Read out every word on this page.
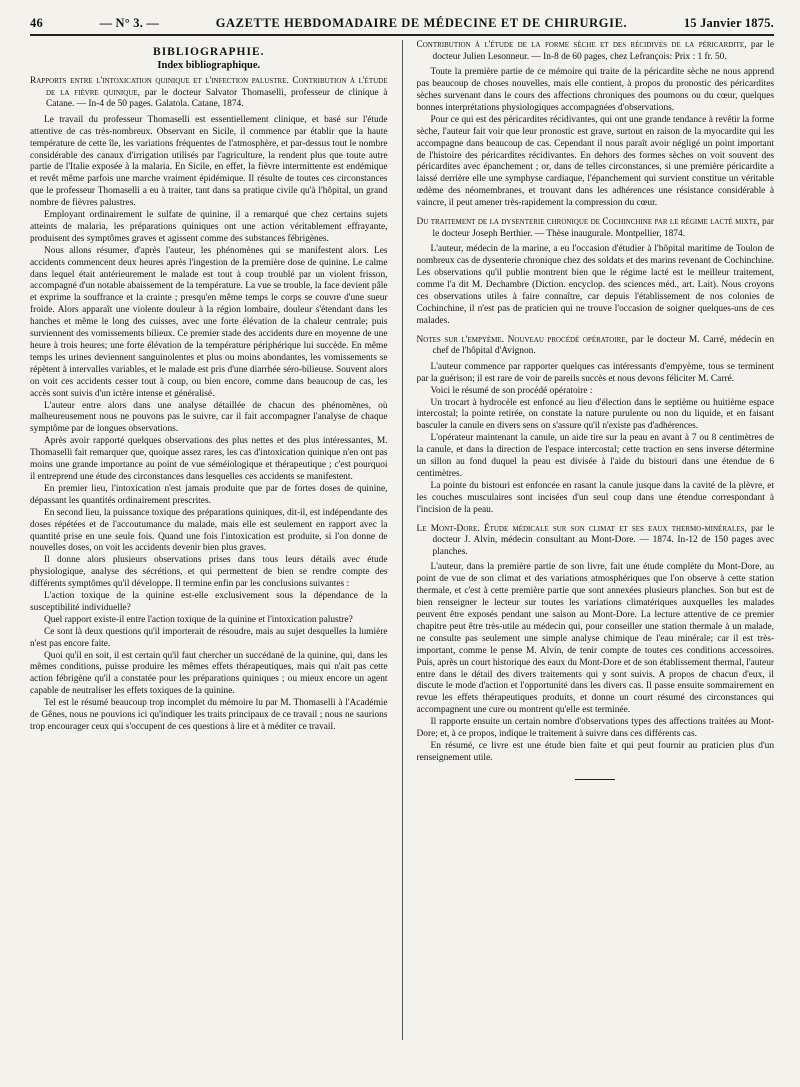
46	— N° 3. —	GAZETTE HEBDOMADAIRE DE MÉDECINE ET DE CHIRURGIE.	15 Janvier 1875.
BIBLIOGRAPHIE.
Index bibliographique.
Rapports entre l'intoxication quinique et l'infection palustre. Contribution à l'étude de la fièvre quinique, par le docteur Salvator Thomaselli, professeur de clinique à Catane. — In-4 de 50 pages. Galatola. Catane, 1874.

Le travail du professeur Thomaselli est essentiellement clinique, et basé sur l'étude attentive de cas très-nombreux. Observant en Sicile, il commence par établir que la haute température de cette île, les variations fréquentes de l'atmosphère, et par-dessus tout le nombre considérable des canaux d'irrigation utilisés par l'agriculture, la rendent plus que toute autre partie de l'Italie exposée à la malaria. En Sicile, en effet, la fièvre intermittente est endémique et revêt même parfois une marche vraiment épidémique. Il résulte de toutes ces circonstances que le professeur Thomaselli a eu à traiter, tant dans sa pratique civile qu'à l'hôpital, un grand nombre de fièvres palustres.

Employant ordinairement le sulfate de quinine, il a remarqué que chez certains sujets atteints de malaria, les préparations quiniques ont une action véritablement effrayante, produisent des symptômes graves et agissent comme des substances fébrigènes.

Nous allons résumer, d'après l'auteur, les phénomènes qui se manifestent alors. Les accidents commencent deux heures après l'ingestion de la première dose de quinine. Le calme dans lequel était antérieurement le malade est tout à coup troublé par un violent frisson, accompagné d'un notable abaissement de la température. La vue se trouble, la face devient pâle et exprime la souffrance et la crainte ; presqu'en même temps le corps se couvre d'une sueur froide. Alors apparaît une violente douleur à la région lombaire, douleur s'étendant dans les hanches et même le long des cuisses, avec une forte élévation de la chaleur centrale; puis surviennent des vomissements bilieux. Ce premier stade des accidents dure en moyenne de une heure à trois heures; une forte élévation de la température périphérique lui succède. En même temps les urines deviennent sanguinolentes et plus ou moins abondantes, les vomissements se répètent à intervalles variables, et le malade est pris d'une diarrhée séro-bilieuse. Souvent alors on voit ces accidents cesser tout à coup, ou bien encore, comme dans beaucoup de cas, les accès sont suivis d'un ictère intense et généralisé.

L'auteur entre alors dans une analyse détaillée de chacun des phénomènes, où malheureusement nous ne pouvons pas le suivre, car il fait accompagner l'analyse de chaque symptôme par de longues observations.

Après avoir rapporté quelques observations des plus nettes et des plus intéressantes, M. Thomaselli fait remarquer que, quoique assez rares, les cas d'intoxication quinique n'en ont pas moins une grande importance au point de vue séméiologique et thérapeutique ; c'est pourquoi il entreprend une étude des circonstances dans lesquelles ces accidents se manifestent.

En premier lieu, l'intoxication n'est jamais produite que par de fortes doses de quinine, dépassant les quantités ordinairement prescrites.

En second lieu, la puissance toxique des préparations quiniques, dit-il, est indépendante des doses répétées et de l'accoutumance du malade, mais elle est seulement en rapport avec la quantité prise en une seule fois. Quand une fois l'intoxication est produite, si l'on donne de nouvelles doses, on voit les accidents devenir bien plus graves.

Il donne alors plusieurs observations prises dans tous leurs détails avec étude physiologique, analyse des sécrétions, et qui permettent de bien se rendre compte des différents symptômes qu'il développe. Il termine enfin par les conclusions suivantes :

L'action toxique de la quinine est-elle exclusivement sous la dépendance de la susceptibilité individuelle?

Quel rapport existe-il entre l'action toxique de la quinine et l'intoxication palustre?

Ce sont là deux questions qu'il importerait de résoudre, mais au sujet desquelles la lumière n'est pas encore faite.

Quoi qu'il en soit, il est certain qu'il faut chercher un succédané de la quinine, qui, dans les mêmes conditions, puisse produire les mêmes effets thérapeutiques, mais qui n'ait pas cette action fébrigène qu'il a constatée pour les préparations quiniques ; ou mieux encore un agent capable de neutraliser les effets toxiques de la quinine.

Tel est le résumé beaucoup trop incomplet du mémoire lu par M. Thomaselli à l'Académie de Gênes, nous ne pouvions ici qu'indiquer les traits principaux de ce travail ; nous ne saurions trop encourager ceux qui s'occupent de ces questions à lire et à méditer ce travail.

Contribution à l'étude de la forme sèche et des récidives de la péricardite, par le docteur Julien Lesonneur. — In-8 de 60 pages, chez Lefrançois: Prix : 1 fr. 50.

Toute la première partie de ce mémoire qui traite de la péricardite sèche ne nous apprend pas beaucoup de choses nouvelles, mais elle contient, à propos du pronostic des péricardites sèches survenant dans le cours des affections chroniques des poumons ou du cœur, quelques bonnes interprétations physiologiques accompagnées d'observations.

Pour ce qui est des péricardites récidivantes, qui ont une grande tendance à revêtir la forme sèche, l'auteur fait voir que leur pronostic est grave, surtout en raison de la myocardite qui les accompagne dans beaucoup de cas. Cependant il nous paraît avoir négligé un point important de l'histoire des péricardites récidivantes. En dehors des formes sèches on voit souvent des péricardites avec épanchement ; or, dans de telles circonstances, si une première péricardite a laissé derrière elle une symphyse cardiaque, l'épanchement qui survient constitue un véritable œdème des néomembranes, et trouvant dans les adhérences une résistance considérable à vaincre, il peut amener très-rapidement la compression du cœur.

Du traitement de la dysenterie chronique de Cochinchine par le régime lacté mixte, par le docteur Joseph Berthier. — Thèse inaugurale. Montpellier, 1874.

L'auteur, médecin de la marine, a eu l'occasion d'étudier à l'hôpital maritime de Toulon de nombreux cas de dysenterie chronique chez des soldats et des marins revenant de Cochinchine. Les observations qu'il publie montrent bien que le régime lacté est le meilleur traitement, comme l'a dit M. Dechambre (Diction. encyclop. des sciences méd., art. Lait). Nous croyons ces observations utiles à faire connaître, car depuis l'établissement de nos colonies de Cochinchine, il n'est pas de praticien qui ne trouve l'occasion de soigner quelques-uns de ces malades.

Notes sur l'empyème. Nouveau procédé opératoire, par le docteur M. Carré, médecin en chef de l'hôpital d'Avignon.

L'auteur commence par rapporter quelques cas intéressants d'empyème, tous se terminent par la guérison; il est rare de voir de pareils succès et nous devons féliciter M. Carré.

Voici le résumé de son procédé opératoire :

Un trocart à hydrocèle est enfoncé au lieu d'élection dans le septième ou huitième espace intercostal; la pointe retirée, on constate la nature purulente ou non du liquide, et en faisant basculer la canule en divers sens on s'assure qu'il n'existe pas d'adhérences.

L'opérateur maintenant la canule, un aide tire sur la peau en avant à 7 ou 8 centimètres de la canule, et dans la direction de l'espace intercostal; cette traction en sens inverse détermine un sillon au fond duquel la peau est divisée à l'aide du bistouri dans une étendue de 6 centimètres.

La pointe du bistouri est enfoncée en rasant la canule jusque dans la cavité de la plèvre, et les couches musculaires sont incisées d'un seul coup dans une étendue correspondant à l'incision de la peau.

Le Mont-Dore. Étude médicale sur son climat et ses eaux thermo-minérales, par le docteur J. Alvin, médecin consultant au Mont-Dore. — 1874. In-12 de 150 pages avec planches.

L'auteur, dans la première partie de son livre, fait une étude complète du Mont-Dore, au point de vue de son climat et des variations atmosphériques que l'on observe à cette station thermale, et c'est à cette première partie que sont annexées plusieurs planches. Son but est de bien renseigner le lecteur sur toutes les variations climatériques auxquelles les malades peuvent être exposés pendant une saison au Mont-Dore. La lecture attentive de ce premier chapitre peut être très-utile au médecin qui, pour conseiller une station thermale à un malade, ne consulte pas seulement une simple analyse chimique de l'eau minérale; car il est très-important, comme le pense M. Alvin, de tenir compte de toutes ces conditions accessoires. Puis, après un court historique des eaux du Mont-Dore et de son établissement thermal, l'auteur entre dans le détail des divers traitements qui y sont suivis. A propos de chacun d'eux, il discute le mode d'action et l'opportunité dans les divers cas. Il passe ensuite sommairement en revue les effets thérapeutiques produits, et donne un court résumé des circonstances qui accompagnent une cure ou montrent qu'elle est terminée.

Il rapporte ensuite un certain nombre d'observations types des affections traitées au Mont-Dore; et, à ce propos, indique le traitement à suivre dans ces différents cas.

En résumé, ce livre est une étude bien faite et qui peut fournir au praticien plus d'un renseignement utile.
